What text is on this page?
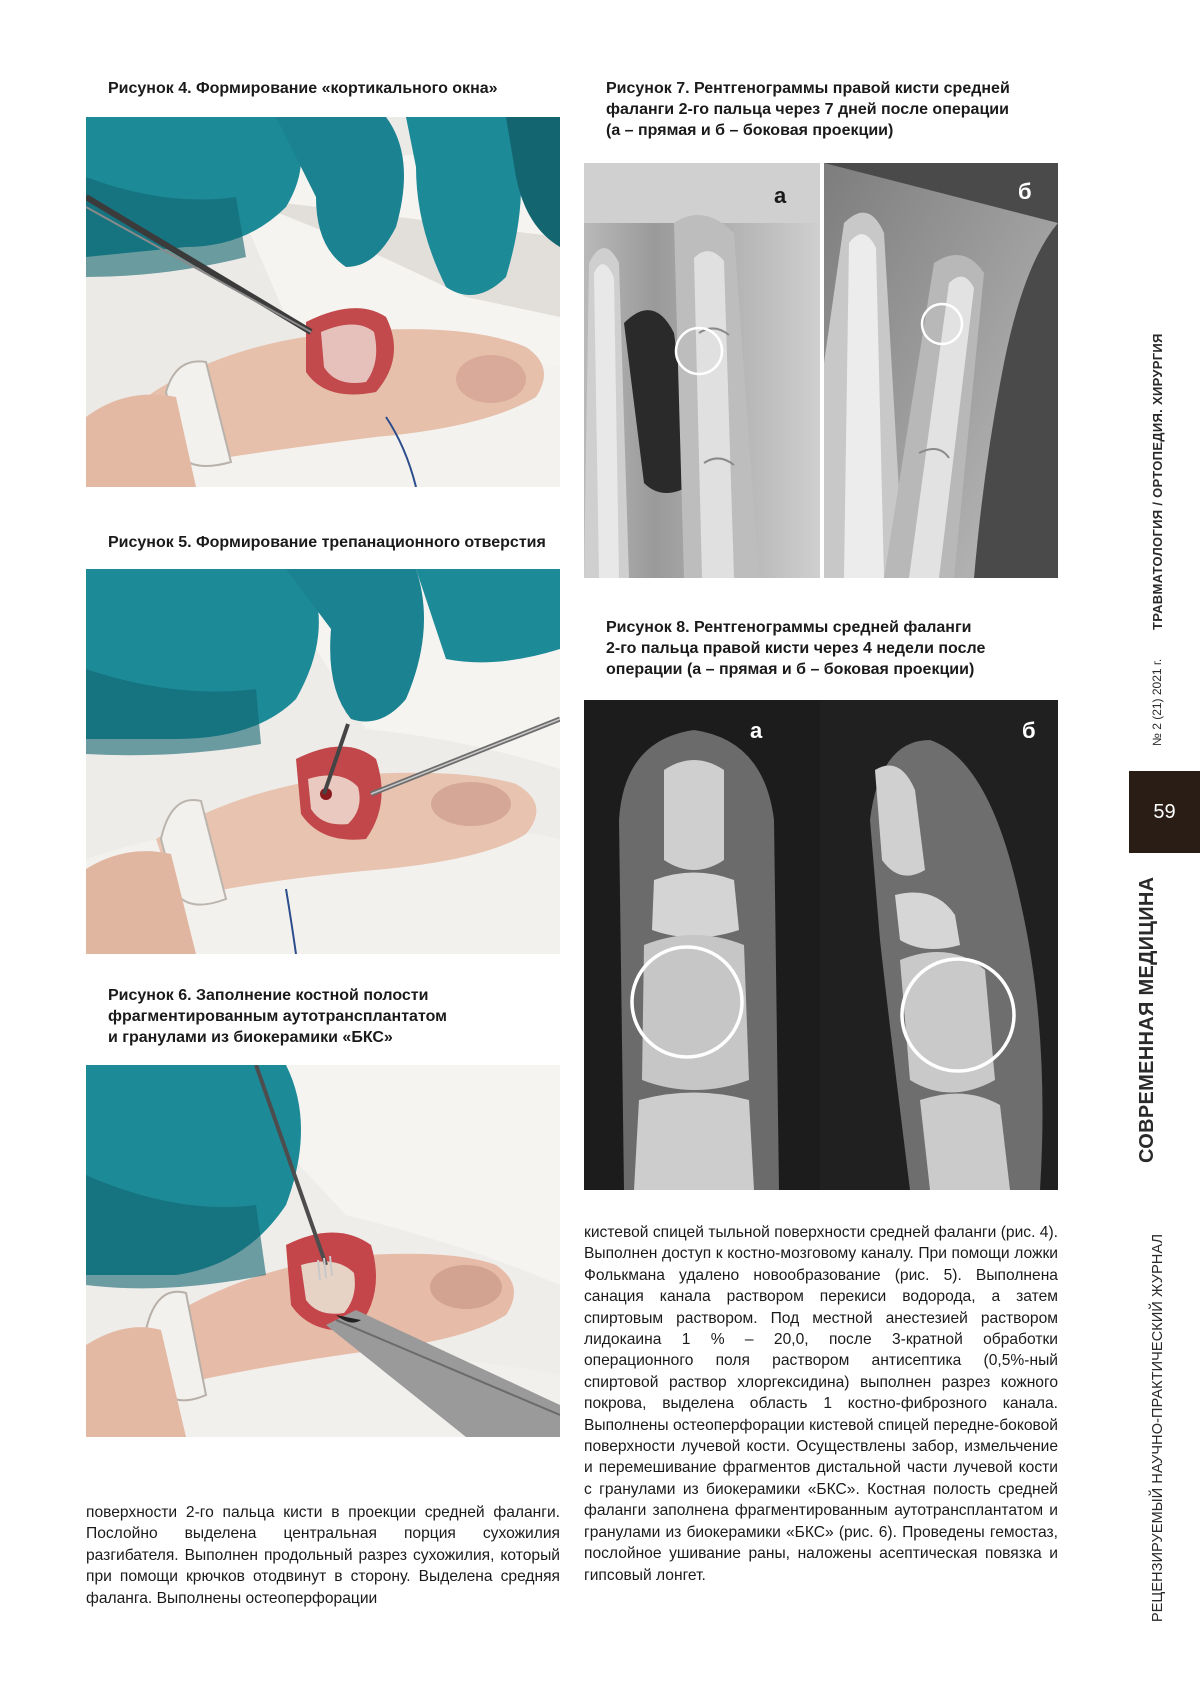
Рисунок 4. Формирование «кортикального окна»
Рисунок 5. Формирование трепанационного отверстия
Рисунок 6. Заполнение костной полости
фрагментированным аутотрансплантатом
и гранулами из биокерамики «БКС»

поверхности 2-го пальца кисти в проекции средней фаланги. Послойно выделена центральная порция сухожилия разгибателя. Выполнен продольный разрез сухожилия, который при помощи крючков отодвинут в сторону. Выделена средняя фаланга. Выполнены остеоперфорации

Рисунок 7. Рентгенограммы правой кисти средней
фаланги 2-го пальца через 7 дней после операции
(а – прямая и б – боковая проекции)
а	б
Рисунок 8. Рентгенограммы средней фаланги
2-го пальца правой кисти через 4 недели после
операции (а – прямая и б – боковая проекции)
а	б

кистевой спицей тыльной поверхности средней фаланги (рис. 4). Выполнен доступ к костно-мозговому каналу. При помощи ложки Фолькмана удалено новообразование (рис. 5). Выполнена санация канала раствором перекиси водорода, а затем спиртовым раствором. Под местной анестезией раствором лидокаина 1 % – 20,0, после 3-кратной обработки операционного поля раствором антисептика (0,5%-ный спиртовой раствор хлоргексидина) выполнен разрез кожного покрова, выделена область 1 костно-фиброзного канала. Выполнены остеоперфорации кистевой спицей передне-боковой поверхности лучевой кости. Осуществлены забор, измельчение и перемешивание фрагментов дистальной части лучевой кости с гранулами из биокерамики «БКС». Костная полость средней фаланги заполнена фрагментированным аутотрансплантатом и гранулами из биокерамики «БКС» (рис. 6). Проведены гемостаз, послойное ушивание раны, наложены асептическая повязка и гипсовый лонгет.

ТРАВМАТОЛОГИЯ / ОРТОПЕДИЯ. ХИРУРГИЯ
№ 2 (21) 2021 г.
59
СОВРЕМЕННАЯ МЕДИЦИНА
РЕЦЕНЗИРУЕМЫЙ НАУЧНО-ПРАКТИЧЕСКИЙ ЖУРНАЛ
